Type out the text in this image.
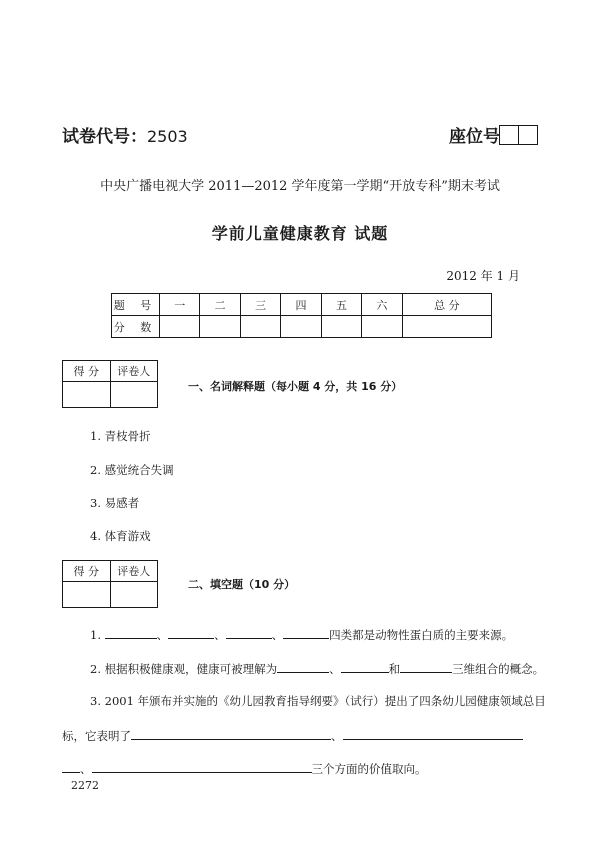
试卷代号：2503	座位号
中央广播电视大学 2011—2012 学年度第一学期“开放专科”期末考试
学前儿童健康教育 试题
2012 年 1 月
题 号	一	二	三	四	五	六	总 分
分 数							
得 分	评卷人

一、名词解释题（每小题 4 分，共 16 分）
1. 青枝骨折
2. 感觉统合失调
3. 易感者
4. 体育游戏
得 分	评卷人

二、填空题（10 分）
1.	、	、	、	四类都是动物性蛋白质的主要来源。
2. 根据积极健康观，健康可被理解为	、	和	三维组合的概念。
3. 2001 年颁布并实施的《幼儿园教育指导纲要》（试行）提出了四条幼儿园健康领域总目
标，它表明了	、
、	三个方面的价值取向。
2272
